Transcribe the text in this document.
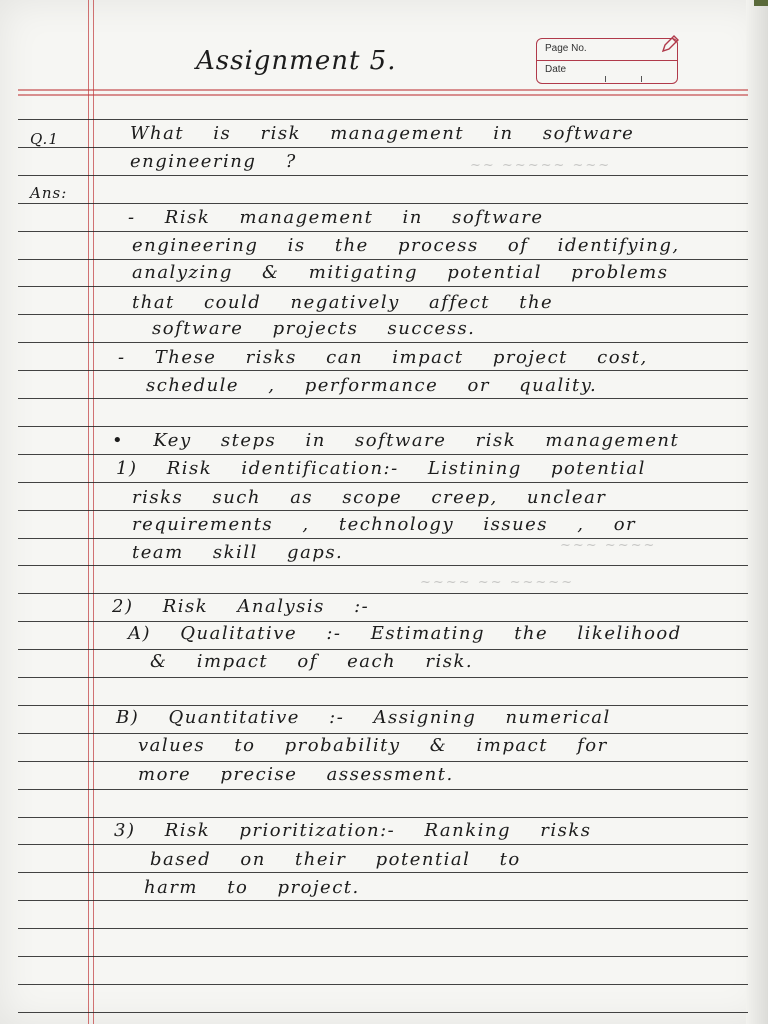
Page No.
Date
~~ ~~~~~ ~~~
~~~ ~~~~
~~~~ ~~ ~~~~~
Assignment 5.
Q.1
Ans:
What is risk management in software
engineering ?
- Risk management in software
engineering is the process of identifying,
analyzing & mitigating potential problems
that could negatively affect the
software projects success.
- These risks can impact project cost,
schedule , performance or quality.
• Key steps in software risk management
1) Risk identification:- Listining potential
risks such as scope creep, unclear
requirements , technology issues , or
team skill gaps.
2) Risk Analysis :-
A) Qualitative :- Estimating the likelihood
& impact of each risk.
B) Quantitative :- Assigning numerical
values to probability & impact for
more precise assessment.
3) Risk prioritization:- Ranking risks
based on their potential to
harm to project.
